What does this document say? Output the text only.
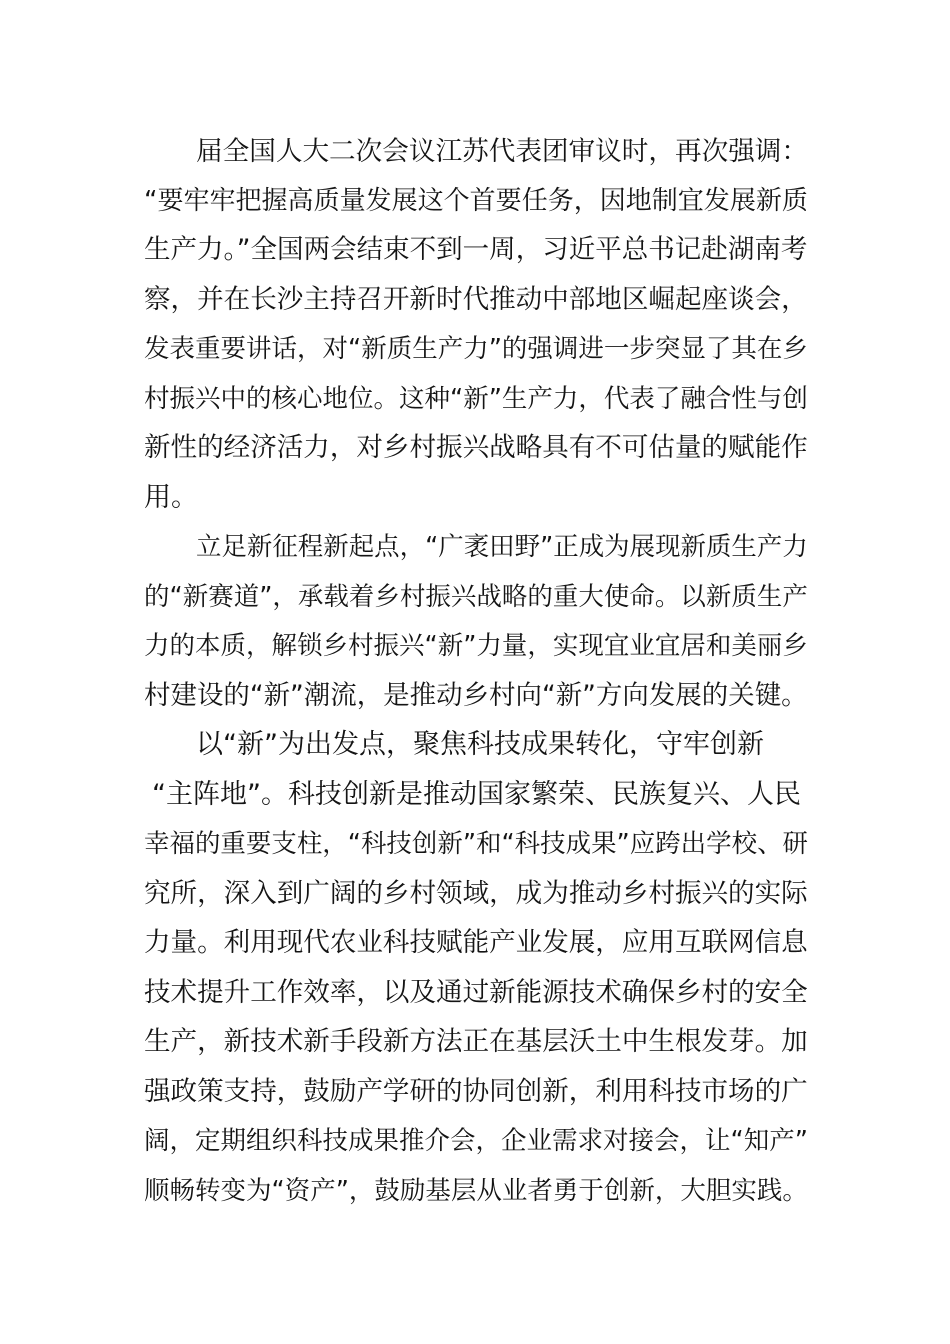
届全国人大二次会议江苏代表团审议时，再次强调：
“要牢牢把握高质量发展这个首要任务，因地制宜发展新质
生产力。”全国两会结束不到一周，习近平总书记赴湖南考
察，并在长沙主持召开新时代推动中部地区崛起座谈会，
发表重要讲话，对“新质生产力”的强调进一步突显了其在乡
村振兴中的核心地位。这种“新”生产力，代表了融合性与创
新性的经济活力，对乡村振兴战略具有不可估量的赋能作
用。
立足新征程新起点，“广袤田野”正成为展现新质生产力
的“新赛道”，承载着乡村振兴战略的重大使命。以新质生产
力的本质，解锁乡村振兴“新”力量，实现宜业宜居和美丽乡
村建设的“新”潮流，是推动乡村向“新”方向发展的关键。
以“新”为出发点，聚焦科技成果转化，守牢创新
“主阵地”。科技创新是推动国家繁荣、民族复兴、人民
幸福的重要支柱，“科技创新”和“科技成果”应跨出学校、研
究所，深入到广阔的乡村领域，成为推动乡村振兴的实际
力量。利用现代农业科技赋能产业发展，应用互联网信息
技术提升工作效率，以及通过新能源技术确保乡村的安全
生产，新技术新手段新方法正在基层沃土中生根发芽。加
强政策支持，鼓励产学研的协同创新，利用科技市场的广
阔，定期组织科技成果推介会，企业需求对接会，让“知产”
顺畅转变为“资产”，鼓励基层从业者勇于创新，大胆实践。
